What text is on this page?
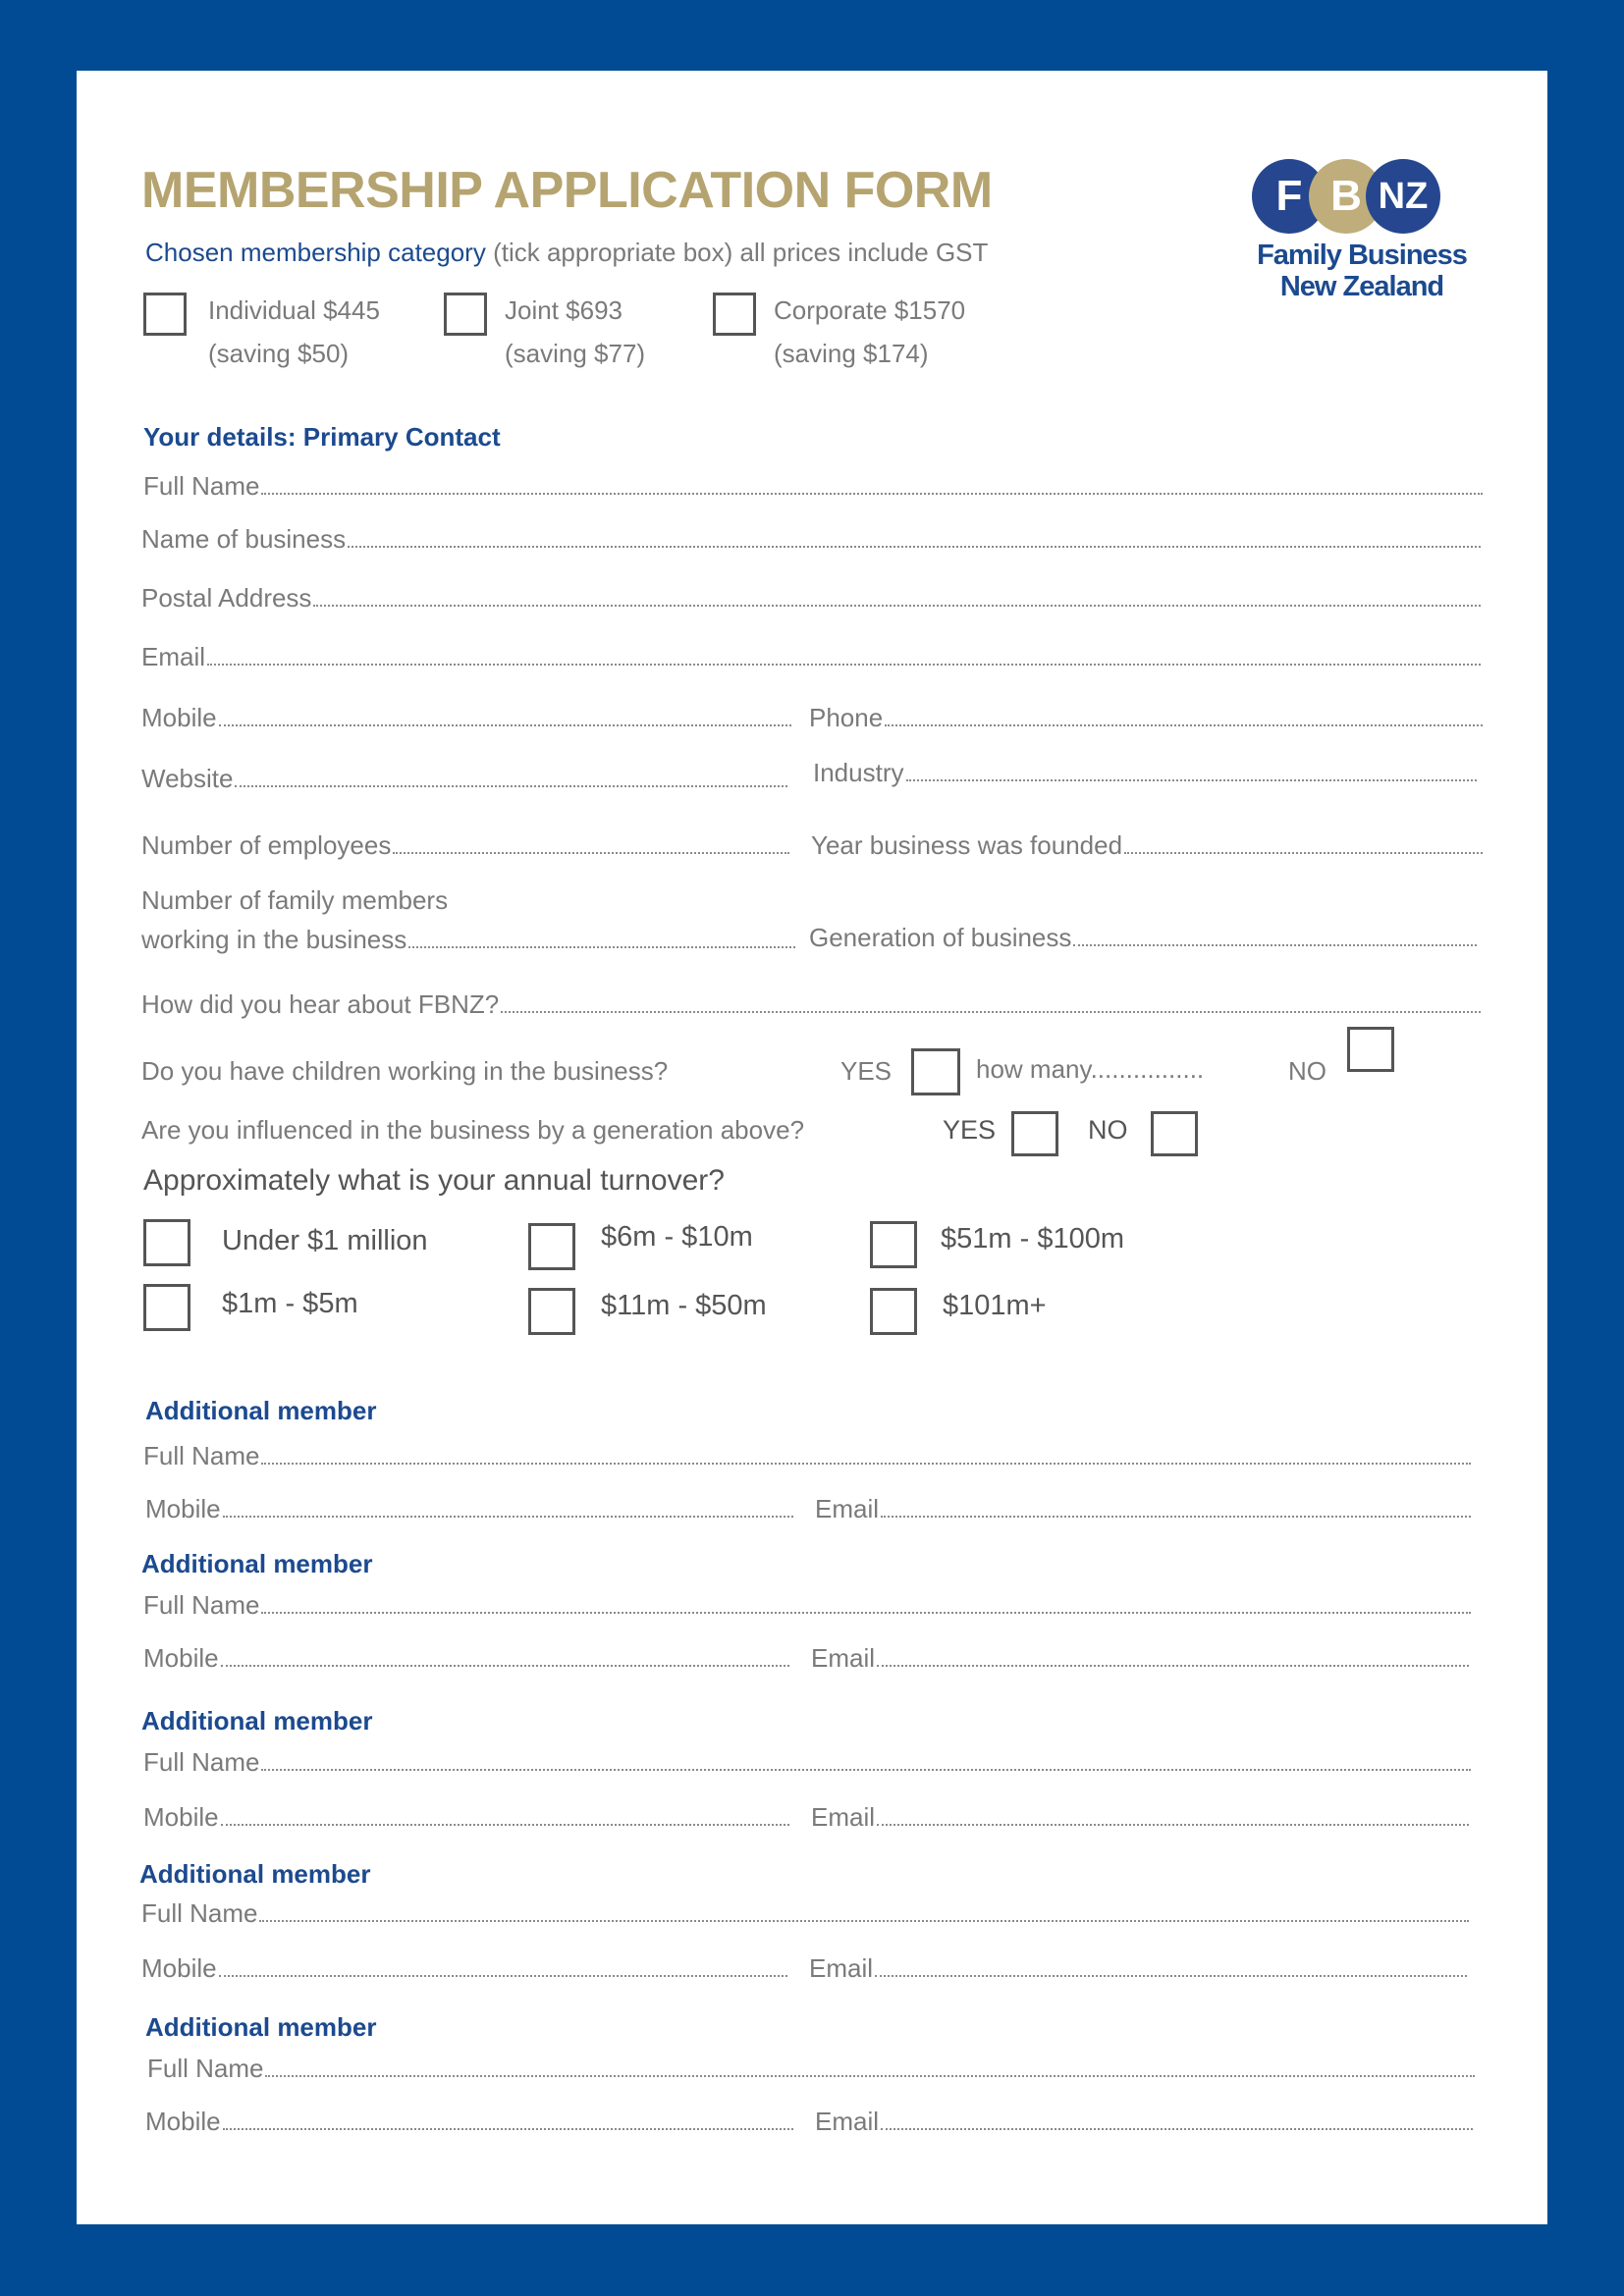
MEMBERSHIP APPLICATION FORM	F B NZ
Family Business
New Zealand
Chosen membership category (tick appropriate box) all prices include GST
Individual $445
(saving $50)
Joint $693
(saving $77)
Corporate $1570
(saving $174)
Your details: Primary Contact
Full Name
Name of business
Postal Address
Email
Mobile	Phone
Website	Industry
Number of employees	Year business was founded
Number of family members
working in the business	Generation of business
How did you hear about FBNZ?
Do you have children working in the business?	YES	how many................	NO
Are you influenced in the business by a generation above?	YES	NO
Approximately what is your annual turnover?
Under $1 million	$6m - $10m	$51m - $100m
$1m - $5m	$11m - $50m	$101m+
Additional member
Full Name
Mobile	Email
Additional member
Full Name
Mobile	Email
Additional member
Full Name
Mobile	Email
Additional member
Full Name
Mobile	Email
Additional member
Full Name
Mobile	Email
